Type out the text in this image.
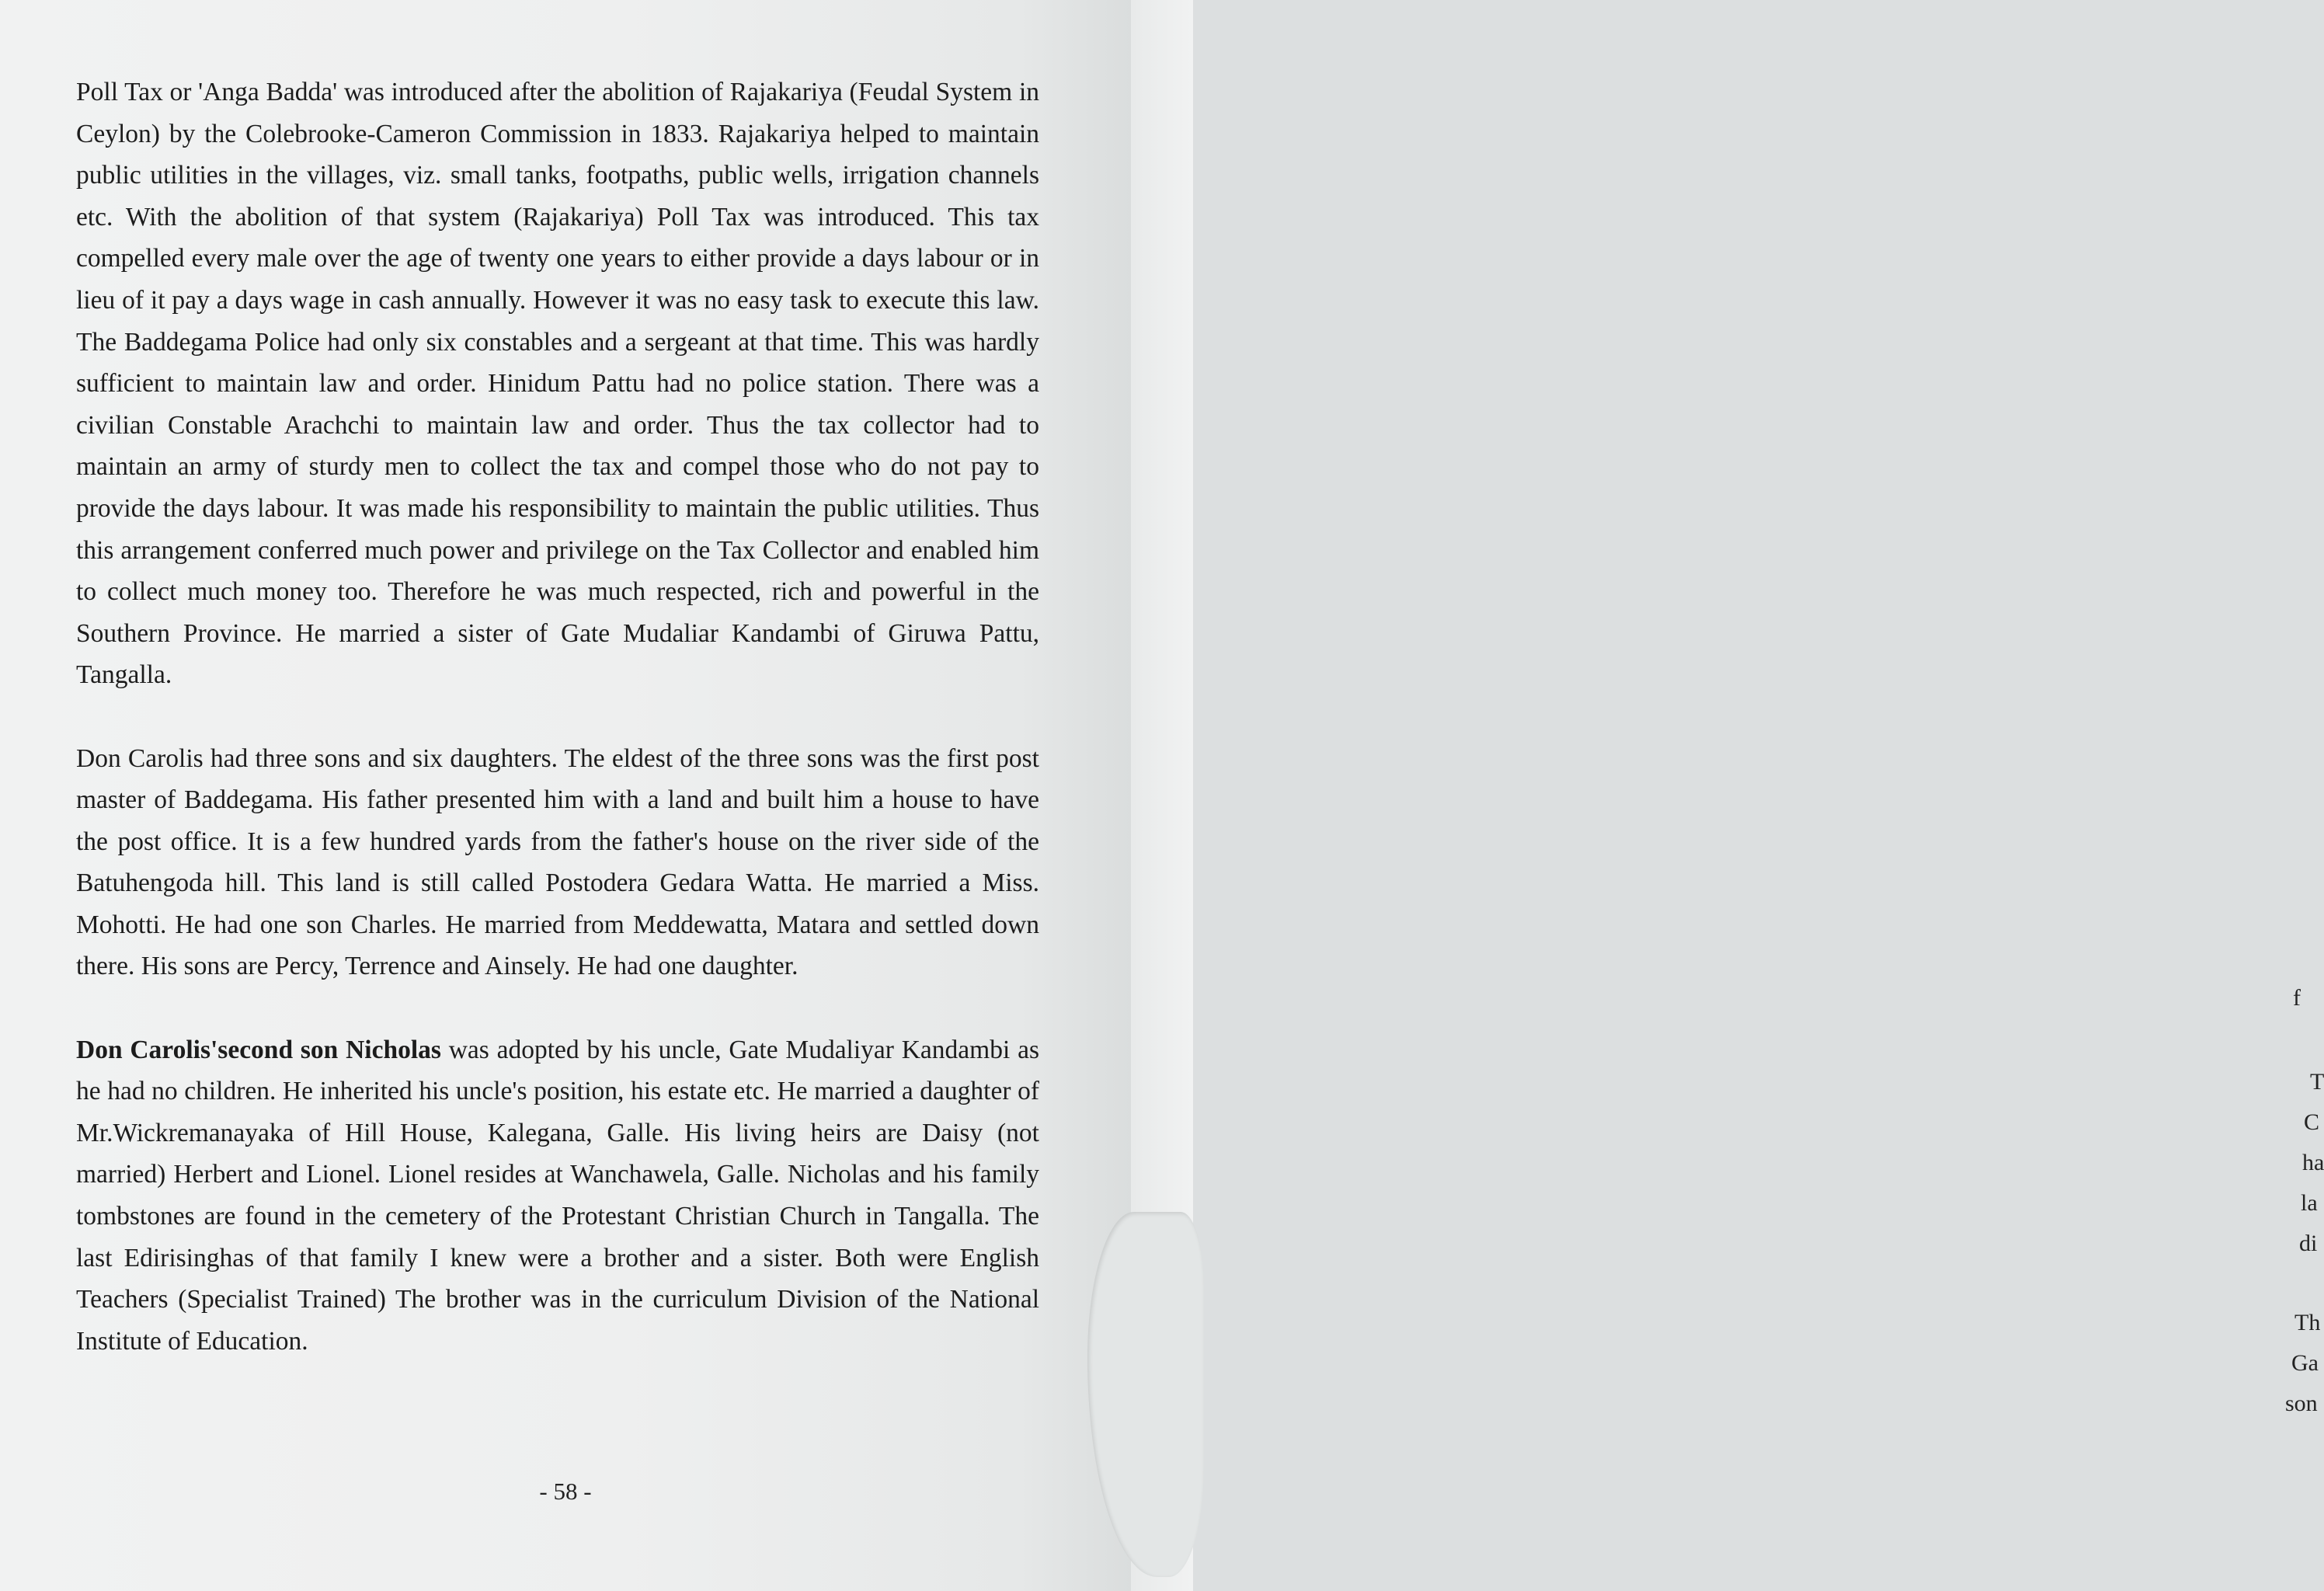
Poll Tax or 'Anga Badda' was introduced after the abolition of Rajakariya (Feudal System in Ceylon) by the Colebrooke-Cameron Commission in 1833. Rajakariya helped to maintain public utilities in the villages, viz. small tanks, footpaths, public wells, irrigation channels etc. With the abolition of that system (Rajakariya) Poll Tax was introduced. This tax compelled every male over the age of twenty one years to either provide a days labour or in lieu of it pay a days wage in cash annually. However it was no easy task to execute this law. The Baddegama Police had only six constables and a sergeant at that time. This was hardly sufficient to maintain law and order. Hinidum Pattu had no police station. There was a civilian Constable Arachchi to maintain law and order. Thus the tax collector had to maintain an army of sturdy men to collect the tax and compel those who do not pay to provide the days labour. It was made his responsibility to maintain the public utilities. Thus this arrangement conferred much power and privilege on the Tax Collector and enabled him to collect much money too. Therefore he was much respected, rich and powerful in the Southern Province. He married a sister of Gate Mudaliar Kandambi of Giruwa Pattu, Tangalla.

Don Carolis had three sons and six daughters. The eldest of the three sons was the first post master of Baddegama. His father presented him with a land and built him a house to have the post office. It is a few hundred yards from the father's house on the river side of the Batuhengoda hill. This land is still called Postodera Gedara Watta. He married a Miss. Mohotti. He had one son Charles. He married from Meddewatta, Matara and settled down there. His sons are Percy, Terrence and Ainsely. He had one daughter.

Don Carolis'second son Nicholas was adopted by his uncle, Gate Mudaliyar Kandambi as he had no children. He inherited his uncle's position, his estate etc. He married a daughter of Mr.Wickremanayaka of Hill House, Kalegana, Galle. His living heirs are Daisy (not married) Herbert and Lionel. Lionel resides at Wanchawela, Galle. Nicholas and his family tombstones are found in the cemetery of the Protestant Christian Church in Tangalla. The last Edirisinghas of that family I knew were a brother and a sister. Both were English Teachers (Specialist Trained) The brother was in the curriculum Division of the National Institute of Education.

- 58 -
f
T
C
ha
la
di
Th
Ga
son
